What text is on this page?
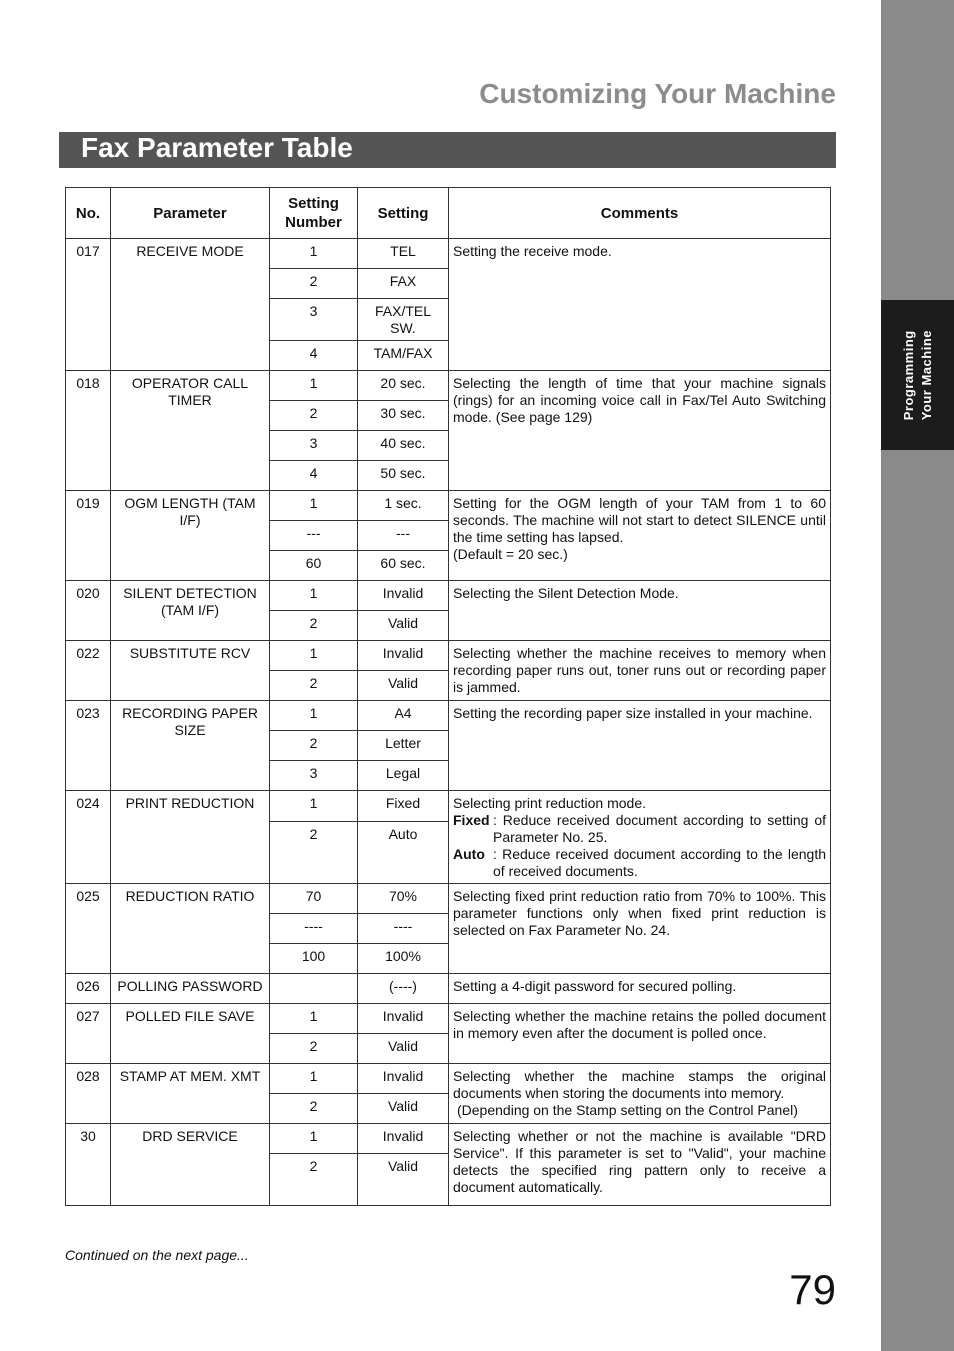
Programming Your Machine
Customizing Your Machine
Fax Parameter Table
No.	Parameter	Setting Number	Setting	Comments
017	RECEIVE MODE	1	TEL	Setting the receive mode.
		2	FAX	
		3	FAX/TEL SW.	
		4	TAM/FAX	
018	OPERATOR CALL TIMER	1	20 sec.	Selecting the length of time that your machine signals (rings) for an incoming voice call in Fax/Tel Auto Switching mode. (See page 129)
		2	30 sec.	
		3	40 sec.	
		4	50 sec.	
019	OGM LENGTH (TAM I/F)	1	1 sec.	Setting for the OGM length of your TAM from 1 to 60 seconds. The machine will not start to detect SILENCE until the time setting has lapsed.
(Default = 20 sec.)

		---	---	
		60	60 sec.	
020	SILENT DETECTION (TAM I/F)	1	Invalid	Selecting the Silent Detection Mode.
		2	Valid	
022	SUBSTITUTE RCV	1	Invalid	Selecting whether the machine receives to memory when recording paper runs out, toner runs out or recording paper is jammed.
		2	Valid	
023	RECORDING PAPER SIZE	1	A4	Setting the recording paper size installed in your machine.
		2	Letter	
		3	Legal	
024	PRINT REDUCTION	1	Fixed	Selecting print reduction mode.
Fixed : Reduce received document according to setting of Parameter No. 25.
Auto : Reduce received document according to the length of received documents.

		2	Auto	
025	REDUCTION RATIO	70	70%	Selecting fixed print reduction ratio from 70% to 100%. This parameter functions only when fixed print reduction is selected on Fax Parameter No. 24.
		----	----	
		100	100%	
026	POLLING PASSWORD		(----)	Setting a 4-digit password for secured polling.
027	POLLED FILE SAVE	1	Invalid	Selecting whether the machine retains the polled document in memory even after the document is polled once.
		2	Valid	
028	STAMP AT MEM. XMT	1	Invalid	Selecting whether the machine stamps the original documents when storing the documents into memory.
(Depending on the Stamp setting on the Control Panel)

		2	Valid	
30	DRD SERVICE	1	Invalid	Selecting whether or not the machine is available "DRD Service". If this parameter is set to "Valid", your machine detects the specified ring pattern only to receive a document automatically.
		2	Valid	
Continued on the next page...
79
